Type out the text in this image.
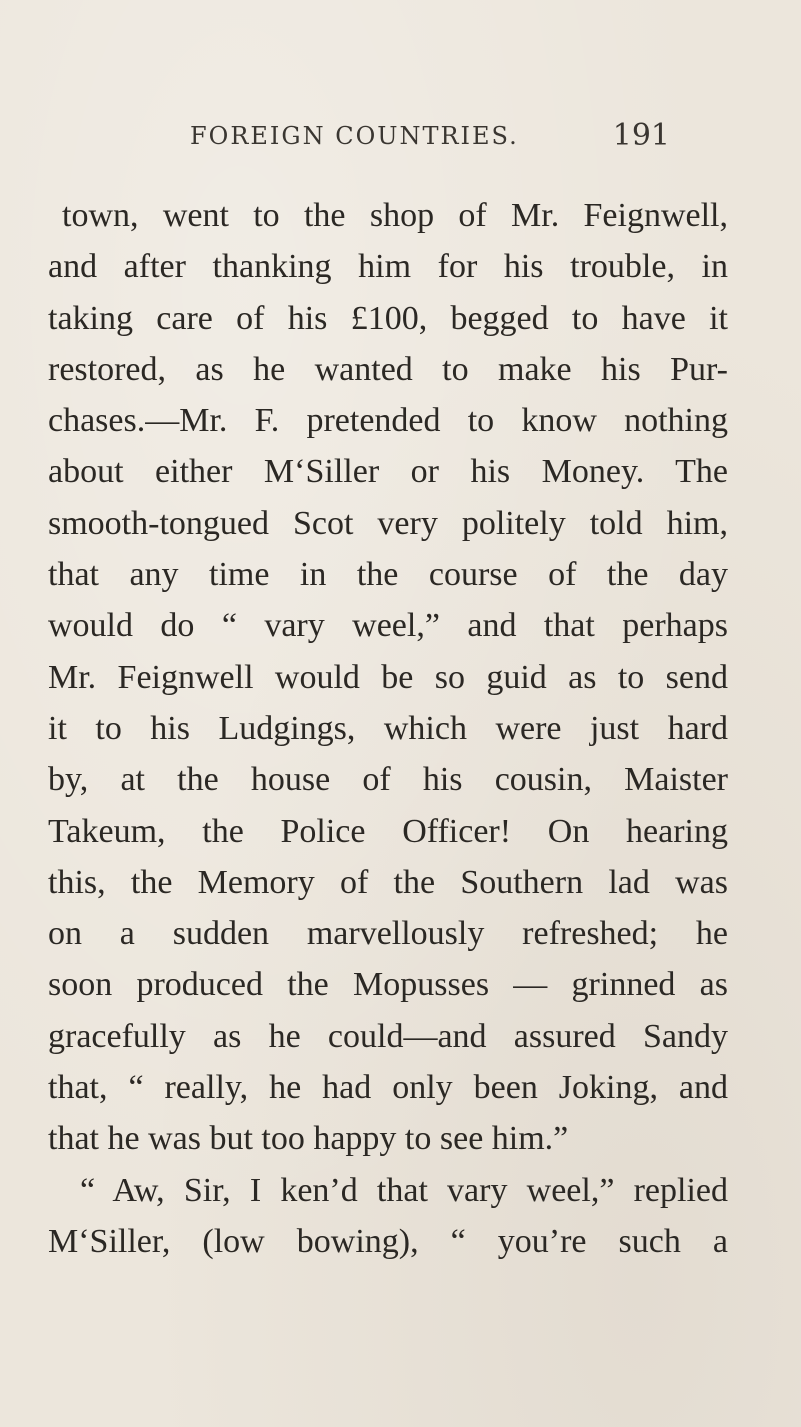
FOREIGN COUNTRIES.	191
town, went to the shop of Mr. Feignwell,
and after thanking him for his trouble, in
taking care of his £100, begged to have it
restored, as he wanted to make his Pur-
chases.—Mr. F. pretended to know nothing
about either M‘Siller or his Money. The
smooth-tongued Scot very politely told him,
that any time in the course of the day
would do “ vary weel,” and that perhaps
Mr. Feignwell would be so guid as to send
it to his Ludgings, which were just hard
by, at the house of his cousin, Maister
Takeum, the Police Officer! On hearing
this, the Memory of the Southern lad was
on a sudden marvellously refreshed; he
soon produced the Mopusses — grinned as
gracefully as he could—and assured Sandy
that, “ really, he had only been Joking, and
that he was but too happy to see him.”
“ Aw, Sir, I ken’d that vary weel,” replied
M‘Siller, (low bowing), “ you’re such a
